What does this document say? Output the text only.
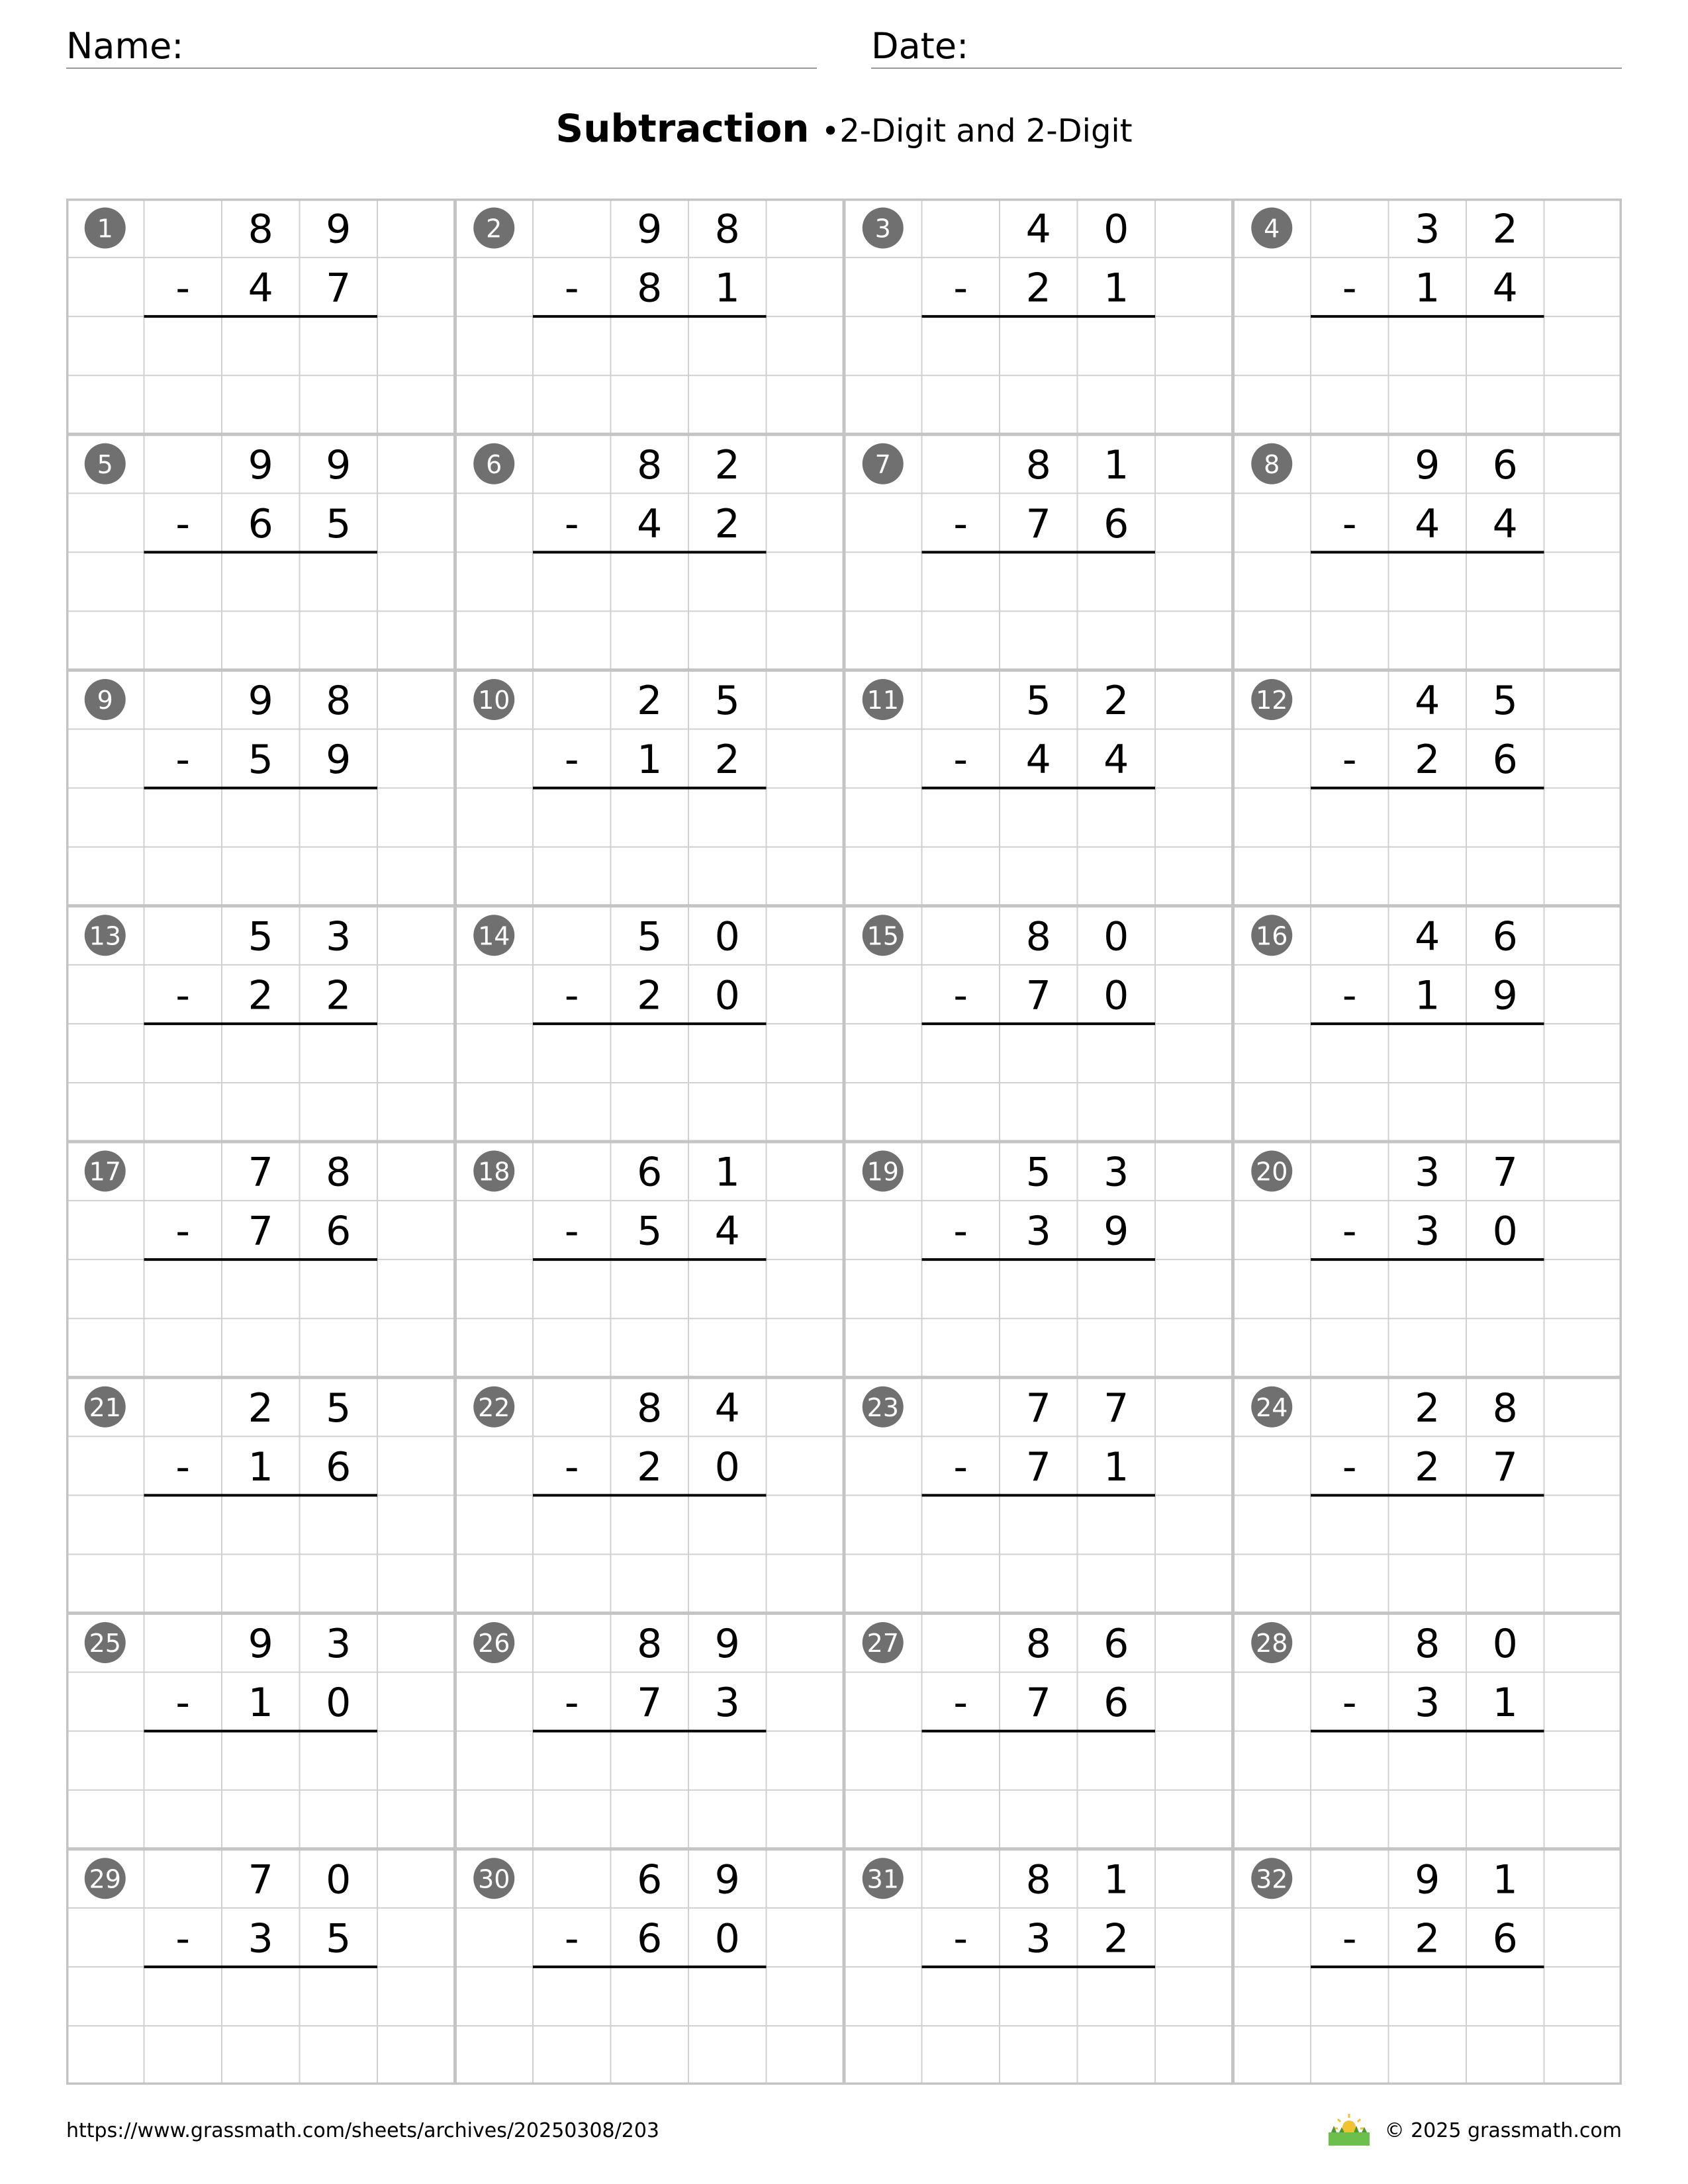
Name:	Date:
Subtraction •2-Digit and 2-Digit
1	8 9
- 4 7
2	9 8
- 8 1
3	4 0
- 2 1
4	3 2
- 1 4
5	9 9
- 6 5
6	8 2
- 4 2
7	8 1
- 7 6
8	9 6
- 4 4
9	9 8
- 5 9
10	2 5
- 1 2
11	5 2
- 4 4
12	4 5
- 2 6
13	5 3
- 2 2
14	5 0
- 2 0
15	8 0
- 7 0
16	4 6
- 1 9
17	7 8
- 7 6
18	6 1
- 5 4
19	5 3
- 3 9
20	3 7
- 3 0
21	2 5
- 1 6
22	8 4
- 2 0
23	7 7
- 7 1
24	2 8
- 2 7
25	9 3
- 1 0
26	8 9
- 7 3
27	8 6
- 7 6
28	8 0
- 3 1
29	7 0
- 3 5
30	6 9
- 6 0
31	8 1
- 3 2
32	9 1
- 2 6
https://www.grassmath.com/sheets/archives/20250308/203	© 2025 grassmath.com
